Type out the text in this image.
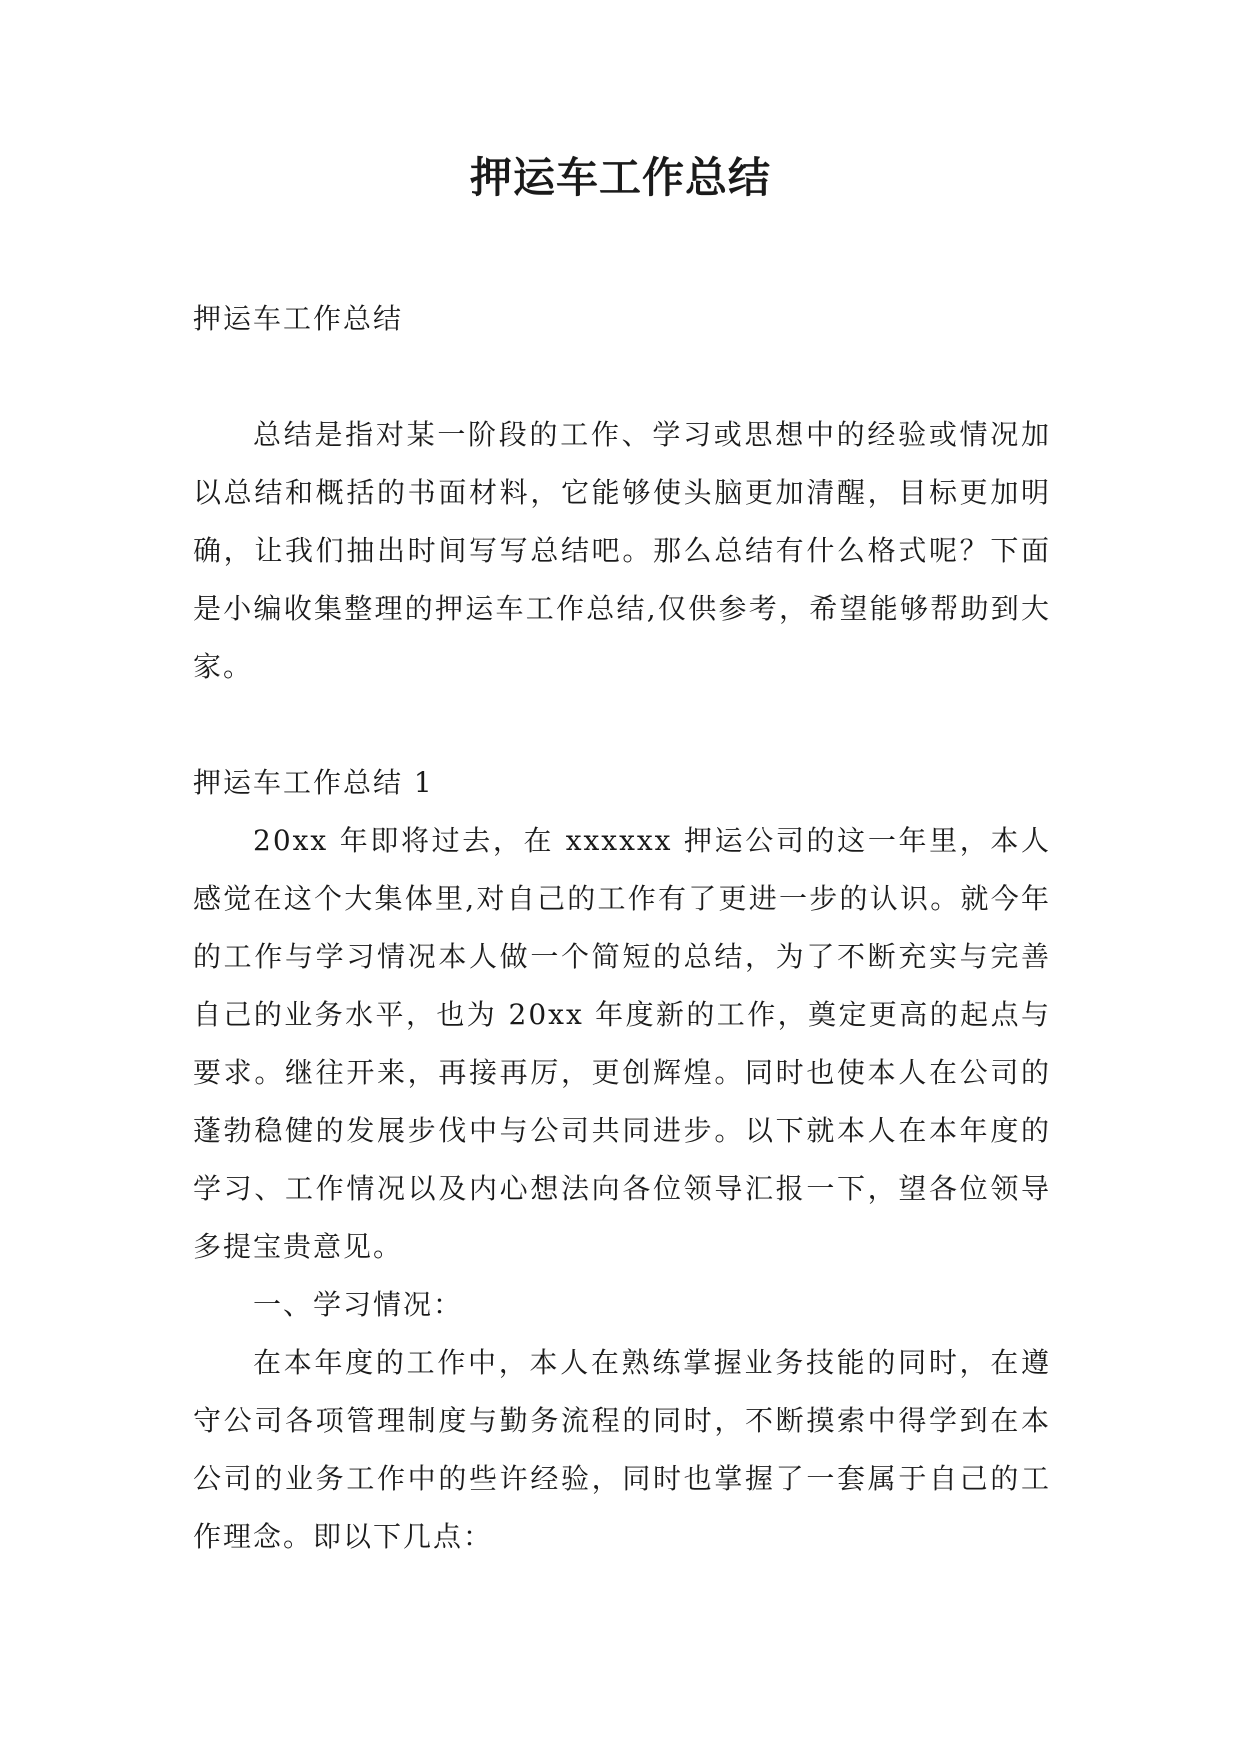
押运车工作总结

押运车工作总结

总结是指对某一阶段的工作、学习或思想中的经验或情况加以总结和概括的书面材料，它能够使头脑更加清醒，目标更加明确，让我们抽出时间写写总结吧。那么总结有什么格式呢？下面是小编收集整理的押运车工作总结,仅供参考，希望能够帮助到大家。

押运车工作总结 1

20xx 年即将过去，在 xxxxxx 押运公司的这一年里，本人感觉在这个大集体里,对自己的工作有了更进一步的认识。就今年的工作与学习情况本人做一个简短的总结，为了不断充实与完善自己的业务水平，也为 20xx 年度新的工作，奠定更高的起点与要求。继往开来，再接再厉，更创辉煌。同时也使本人在公司的蓬勃稳健的发展步伐中与公司共同进步。以下就本人在本年度的学习、工作情况以及内心想法向各位领导汇报一下，望各位领导多提宝贵意见。

一、学习情况：

在本年度的工作中，本人在熟练掌握业务技能的同时，在遵守公司各项管理制度与勤务流程的同时，不断摸索中得学到在本公司的业务工作中的些许经验，同时也掌握了一套属于自己的工作理念。即以下几点：
